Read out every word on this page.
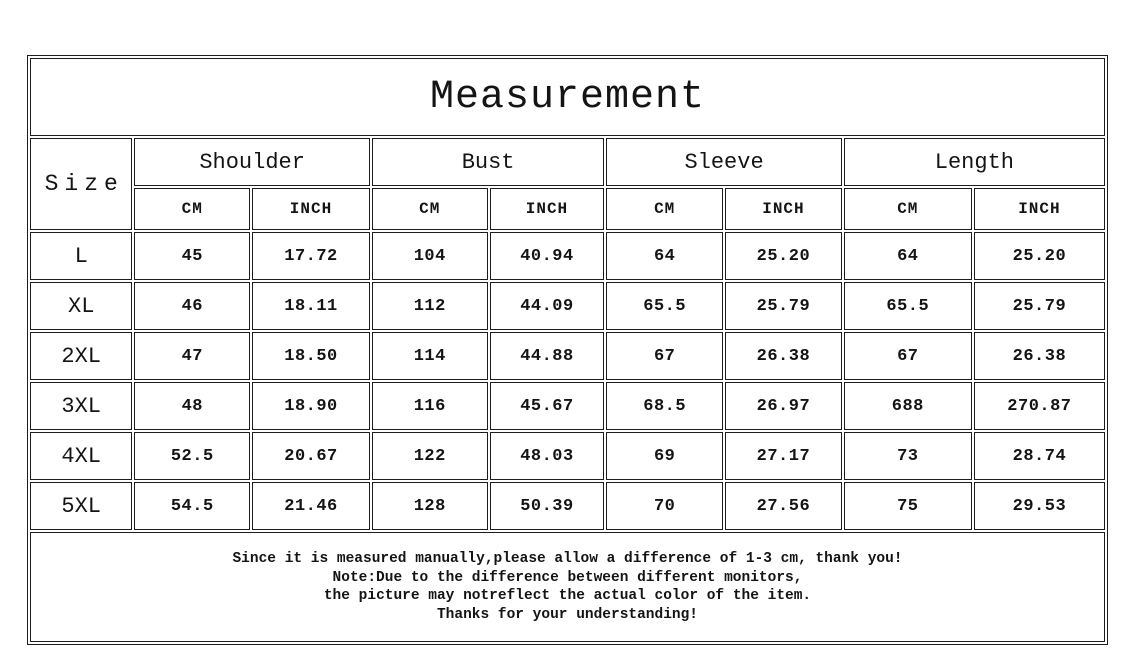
Measurement								
Size	Shoulder		Bust		Sleeve		Length	
	CM	INCH	CM	INCH	CM	INCH	CM	INCH
L	45	17.72	104	40.94	64	25.20	64	25.20
XL	46	18.11	112	44.09	65.5	25.79	65.5	25.79
2XL	47	18.50	114	44.88	67	26.38	67	26.38
3XL	48	18.90	116	45.67	68.5	26.97	688	270.87
4XL	52.5	20.67	122	48.03	69	27.17	73	28.74
5XL	54.5	21.46	128	50.39	70	27.56	75	29.53

Since it is measured manually,please allow a difference of 1-3 cm, thank you!
Note:Due to the difference between different monitors,
the picture may notreflect the actual color of the item.
Thanks for your understanding!								
